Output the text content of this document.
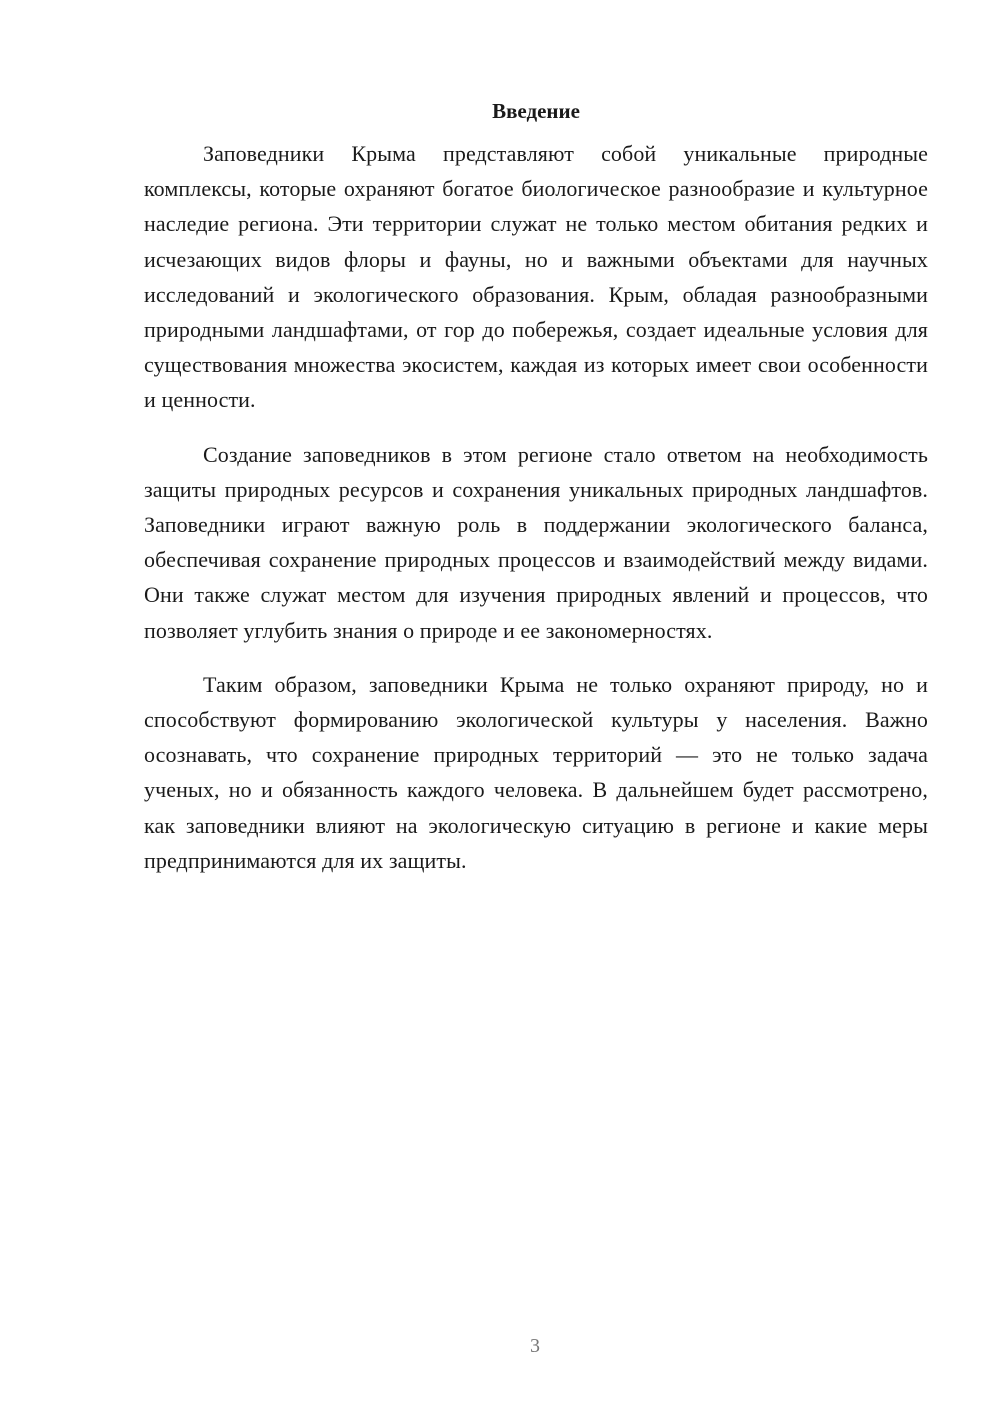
Введение

Заповедники Крыма представляют собой уникальные природные комплексы, которые охраняют богатое биологическое разнообразие и культурное наследие региона. Эти территории служат не только местом обитания редких и исчезающих видов флоры и фауны, но и важными объектами для научных исследований и экологического образования. Крым, обладая разнообразными природными ландшафтами, от гор до побережья, создает идеальные условия для существования множества экосистем, каждая из которых имеет свои особенности и ценности.

Создание заповедников в этом регионе стало ответом на необходимость защиты природных ресурсов и сохранения уникальных природных ландшафтов. Заповедники играют важную роль в поддержании экологического баланса, обеспечивая сохранение природных процессов и взаимодействий между видами. Они также служат местом для изучения природных явлений и процессов, что позволяет углубить знания о природе и ее закономерностях.

Таким образом, заповедники Крыма не только охраняют природу, но и способствуют формированию экологической культуры у населения. Важно осознавать, что сохранение природных территорий — это не только задача ученых, но и обязанность каждого человека. В дальнейшем будет рассмотрено, как заповедники влияют на экологическую ситуацию в регионе и какие меры предпринимаются для их защиты.

3
